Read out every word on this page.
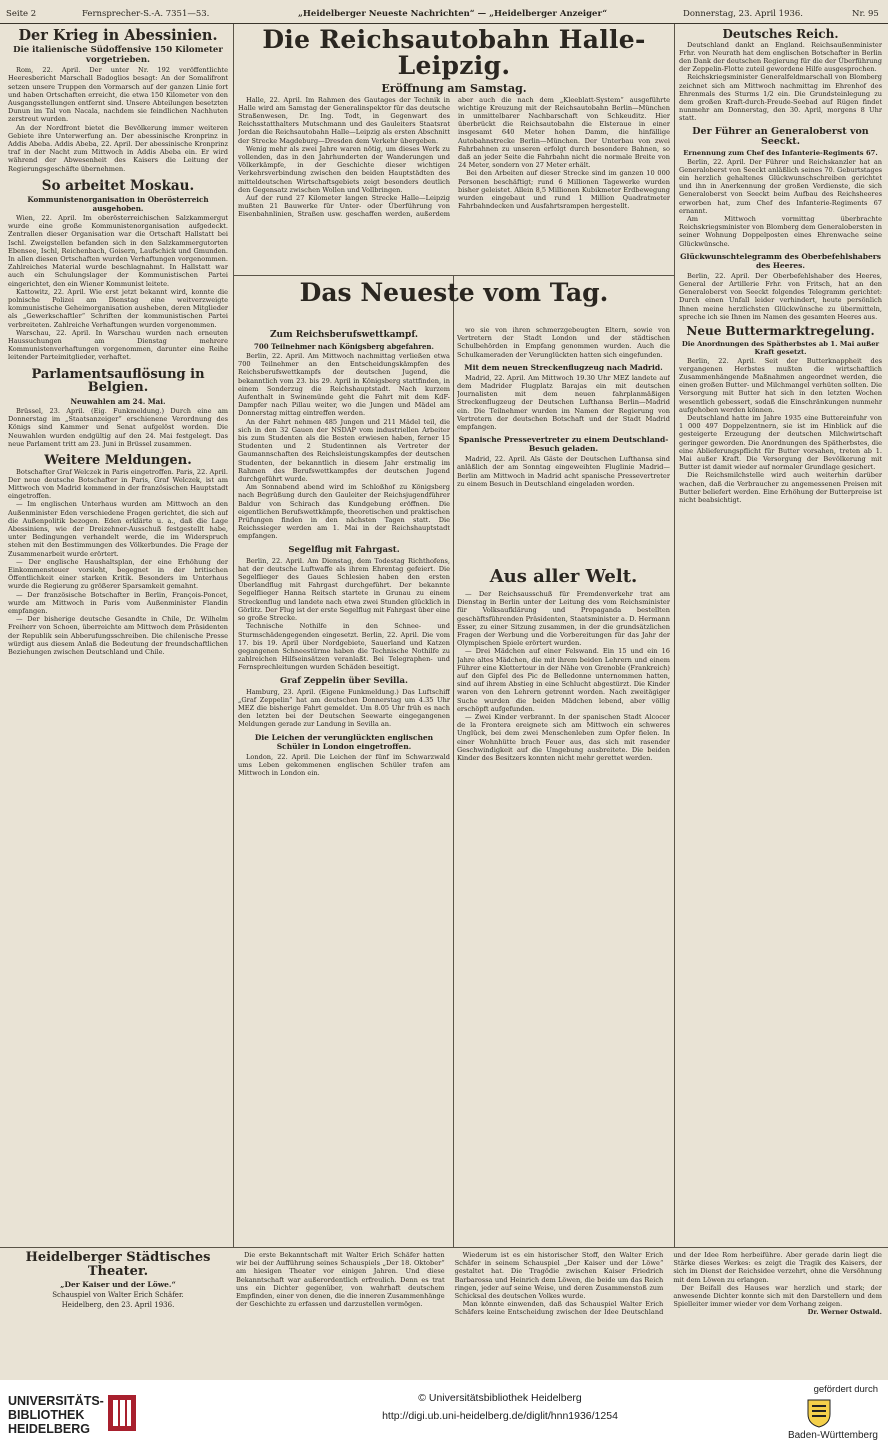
Seite 2	Fernsprecher-S.-A. 7351—53.	„Heidelberger Neueste Nachrichten“ — „Heidelberger Anzeiger“	Donnerstag, 23. April 1936.	Nr. 95
Der Krieg in Abessinien.
Die italienische Südoffensive 150 Kilometer vorgetrieben.

Rom, 22. April. Der unter Nr. 192 veröffentlichte Heeresbericht Marschall Badoglios besagt: An der Somalifront setzen unsere Truppen den Vormarsch auf der ganzen Linie fort und haben Ortschaften erreicht, die etwa 150 Kilometer von den Ausgangsstellungen entfernt sind. Unsere Abteilungen besetzten Dunun im Tal von Nacala, nachdem sie feindlichen Nachhuten zerstreut wurden.

An der Nordfront bietet die Bevölkerung immer weiteren Gebiete ihre Unterwerfung an. Der abessinische Kronprinz in Addis Abeba. Addis Abeba, 22. April. Der abessinische Kronprinz traf in der Nacht zum Mittwoch in Addis Abeba ein. Er wird während der Abwesenheit des Kaisers die Leitung der Regierungsgeschäfte übernehmen.

So arbeitet Moskau.
Kommunistenorganisation in Oberösterreich ausgehoben.

Wien, 22. April. Im oberösterreichischen Salzkammergut wurde eine große Kommunistenorganisation aufgedeckt. Zentrallen dieser Organisation war die Ortschaft Hallstatt bei Ischl. Zweigstellen befanden sich in den Salzkammergutorten Ebensee, Ischl, Reichenbach, Goisern, Laufschick und Gmunden. In allen diesen Ortschaften wurden Verhaftungen vorgenommen. Zahlreiches Material wurde beschlagnahmt. In Hallstatt war auch ein Schulungslager der Kommunistischen Partei eingerichtet, den ein Wiener Kommunist leitete.

Kattowitz, 22. April. Wie erst jetzt bekannt wird, konnte die polnische Polizei am Dienstag eine weitverzweigte kommunistische Geheimorganisation ausheben, deren Mitglieder als „Gewerkschaftler“ Schriften der kommunistischen Partei verbreiteten. Zahlreiche Verhaftungen wurden vorgenommen.

Warschau, 22. April. In Warschau wurden nach erneuten Haussuchungen am Dienstag mehrere Kommunistenverhaftungen vorgenommen, darunter eine Reihe leitender Parteimitglieder, verhaftet.

Parlamentsauflösung in Belgien.
Neuwahlen am 24. Mai.

Brüssel, 23. April. (Eig. Funkmeldung.) Durch eine am Donnerstag im „Staatsanzeiger“ erschienene Verordnung des Königs sind Kammer und Senat aufgelöst worden. Die Neuwahlen wurden endgültig auf den 24. Mai festgelegt. Das neue Parlament tritt am 23. Juni in Brüssel zusammen.

Weitere Meldungen.

Botschafter Graf Welczek in Paris eingetroffen. Paris, 22. April. Der neue deutsche Botschafter in Paris, Graf Welczek, ist am Mittwoch von Madrid kommend in der französischen Hauptstadt eingetroffen.

— Im englischen Unterhaus wurden am Mittwoch an den Außenminister Eden verschiedene Fragen gerichtet, die sich auf die Außenpolitik bezogen. Eden erklärte u. a., daß die Lage Abessiniens, wie der Dreizehner-Ausschuß festgestellt habe, unter Bedingungen verhandelt werde, die im Widerspruch stehen mit den Bestimmungen des Völkerbundes. Die Frage der Zusammenarbeit wurde erörtert.

— Der englische Haushaltsplan, der eine Erhöhung der Einkommensteuer vorsieht, begegnet in der britischen Öffentlichkeit einer starken Kritik. Besonders im Unterhaus wurde die Regierung zu größerer Sparsamkeit gemahnt.

— Der französische Botschafter in Berlin, François-Poncet, wurde am Mittwoch in Paris vom Außenminister Flandin empfangen.

— Der bisherige deutsche Gesandte in Chile, Dr. Wilhelm Freiherr von Schoen, überreichte am Mittwoch dem Präsidenten der Republik sein Abberufungsschreiben. Die chilenische Presse würdigt aus diesem Anlaß die Bedeutung der freundschaftlichen Beziehungen zwischen Deutschland und Chile.

Die Reichsautobahn Halle-Leipzig.
Eröffnung am Samstag.

Halle, 22. April. Im Rahmen des Gautages der Technik in Halle wird am Samstag der Generalinspektor für das deutsche Straßenwesen, Dr. Ing. Todt, in Gegenwart des Reichsstatthalters Mutschmann und des Gauleiters Staatsrat Jordan die Reichsautobahn Halle—Leipzig als ersten Abschnitt der Strecke Magdeburg—Dresden dem Verkehr übergeben.

Wenig mehr als zwei Jahre waren nötig, um dieses Werk zu vollenden, das in den Jahrhunderten der Wanderungen und Völkerkämpfe, in der Geschichte dieser wichtigen Verkehrsverbindung zwischen den beiden Hauptstädten des mitteldeutschen Wirtschaftsgebiets zeigt besonders deutlich den Gegensatz zwischen Wollen und Vollbringen.

Auf der rund 27 Kilometer langen Strecke Halle—Leipzig mußten 21 Bauwerke für Unter- oder Überführung von Eisenbahnlinien, Straßen usw. geschaffen werden, außerdem aber auch die nach dem „Kleeblatt-System“ ausgeführte wichtige Kreuzung mit der Reichsautobahn Berlin—München in unmittelbarer Nachbarschaft von Schkeuditz. Hier überbrückt die Reichsautobahn die Elsteraue in einer insgesamt 640 Meter hohen Damm, die hinfällige Autobahnstrecke Berlin—München. Der Unterbau von zwei Fahrbahnen zu unseren erfolgt durch besondere Bahnen, so daß an jeder Seite die Fahrbahn nicht die normale Breite von 24 Meter, sondern von 27 Meter erhält.

Bei den Arbeiten auf dieser Strecke sind im ganzen 10 000 Personen beschäftigt; rund 6 Millionen Tagewerke wurden bisher geleistet. Allein 8,5 Millionen Kubikmeter Erdbewegung wurden eingebaut und rund 1 Million Quadratmeter Fahrbahndecken und Ausfahrtsrampen hergestellt.

Das Neueste vom Tag.
Zum Reichsberufswettkampf.
700 Teilnehmer nach Königsberg abgefahren.

Berlin, 22. April. Am Mittwoch nachmittag verließen etwa 700 Teilnehmer an den Entscheidungskämpfen des Reichsberufswettkampfs der deutschen Jugend, die bekanntlich vom 23. bis 29. April in Königsberg stattfinden, in einem Sonderzug die Reichshauptstadt. Nach kurzem Aufenthalt in Swinemünde geht die Fahrt mit dem KdF-Dampfer nach Pillau weiter, wo die Jungen und Mädel am Donnerstag mittag eintreffen werden.

An der Fahrt nehmen 485 Jungen und 211 Mädel teil, die sich in den 32 Gauen der NSDAP vom industriellen Arbeiter bis zum Studenten als die Besten erwiesen haben, ferner 15 Studenten und 2 Studentinnen als Vertreter der Gaumannschaften des Reichsleistungskampfes der deutschen Studenten, der bekanntlich in diesem Jahr erstmalig im Rahmen des Berufswettkampfes der deutschen Jugend durchgeführt wurde.

Am Sonnabend abend wird im Schloßhof zu Königsberg nach Begrüßung durch den Gauleiter der Reichsjugendführer Baldur von Schirach das Kundgebung eröffnen. Die eigentlichen Berufswettkämpfe, theoretischen und praktischen Prüfungen finden in den nächsten Tagen statt. Die Reichssieger werden am 1. Mai in der Reichshauptstadt empfangen.

Segelflug mit Fahrgast.

Berlin, 22. April. Am Dienstag, dem Todestag Richthofens, hat der deutsche Luftwaffe als ihrem Ehrentag gefeiert. Die Segelflieger des Gaues Schlesien haben den ersten Überlandflug mit Fahrgast durchgeführt. Der bekannte Segelflieger Hanna Reitsch startete in Grunau zu einem Streckenflug und landete nach etwa zwei Stunden glücklich in Görlitz. Der Flug ist der erste Segelflug mit Fahrgast über eine so große Strecke.

Technische Nothilfe in den Schnee- und Sturmschädengegenden eingesetzt. Berlin, 22. April. Die vom 17. bis 19. April über Nordgebiete, Sauerland und Katzen gegangenen Schneestürme haben die Technische Nothilfe zu zahlreichen Hilfseinsätzen veranlaßt. Bei Telegraphen- und Fernsprechleitungen wurden Schäden beseitigt.

Graf Zeppelin über Sevilla.

Hamburg, 23. April. (Eigene Funkmeldung.) Das Luftschiff „Graf Zeppelin“ hat am deutschen Donnerstag um 4.35 Uhr MEZ die bisherige Fahrt gemeldet. Um 8.05 Uhr früh es nach den letzten bei der Deutschen Seewarte eingegangenen Meldungen gerade zur Landung in Sevilla an.

Die Leichen der verunglückten englischen Schüler in London eingetroffen.

London, 22. April. Die Leichen der fünf im Schwarzwald ums Leben gekommenen englischen Schüler trafen am Mittwoch in London ein.

wo sie von ihren schmerzgebeugten Eltern, sowie von Vertretern der Stadt London und der städtischen Schulbehörden in Empfang genommen wurden. Auch die Schulkameraden der Verunglückten hatten sich eingefunden.

Mit dem neuen Streckenflugzeug nach Madrid.

Madrid, 22. April. Am Mittwoch 19.30 Uhr MEZ landete auf dem Madrider Flugplatz Barajas ein mit deutschen Journalisten mit dem neuen fahrplanmäßigen Streckenflugzeug der Deutschen Lufthansa Berlin—Madrid ein. Die Teilnehmer wurden im Namen der Regierung von Vertretern der deutschen Botschaft und der Stadt Madrid empfangen.

Spanische Pressevertreter zu einem Deutschland-Besuch geladen.

Madrid, 22. April. Als Gäste der Deutschen Lufthansa sind anläßlich der am Sonntag eingeweihten Fluglinie Madrid—Berlin am Mittwoch in Madrid acht spanische Pressevertreter zu einem Besuch in Deutschland eingeladen worden.

Aus aller Welt.

— Der Reichsausschuß für Fremdenverkehr trat am Dienstag in Berlin unter der Leitung des vom Reichsminister für Volksaufklärung und Propaganda bestellten geschäftsführenden Präsidenten, Staatsminister a. D. Hermann Esser, zu einer Sitzung zusammen, in der die grundsätzlichen Fragen der Werbung und die Vorbereitungen für das Jahr der Olympischen Spiele erörtert wurden.

— Drei Mädchen auf einer Felswand. Ein 15 und ein 16 Jahre altes Mädchen, die mit ihrem beiden Lehrern und einem Führer eine Klettertour in der Nähe von Grenoble (Frankreich) auf den Gipfel des Pic de Belledonne unternommen hatten, sind auf ihrem Abstieg in eine Schlucht abgestürzt. Die Kinder waren von den Lehrern getrennt worden. Nach zweitägiger Suche wurden die beiden Mädchen lebend, aber völlig erschöpft aufgefunden.

— Zwei Kinder verbrannt. In der spanischen Stadt Alcocer de la Frontera ereignete sich am Mittwoch ein schweres Unglück, bei dem zwei Menschenleben zum Opfer fielen. In einer Wohnhütte brach Feuer aus, das sich mit rasender Geschwindigkeit auf die Umgebung ausbreitete. Die beiden Kinder des Besitzers konnten nicht mehr gerettet werden.

Deutsches Reich.

Deutschland dankt an England. Reichsaußenminister Frhr. von Neurath hat dem englischen Botschafter in Berlin den Dank der deutschen Regierung für die der Überführung der Zeppelin-Flotte zuteil gewordene Hilfe ausgesprochen.

Reichskriegsminister Generalfeldmarschall von Blomberg zeichnet sich am Mittwoch nachmittag im Ehrenhof des Ehrenmals des Sturms 1/2 ein. Die Grundsteinlegung zu dem großen Kraft-durch-Freude-Seebad auf Rügen findet nunmehr am Donnerstag, den 30. April, morgens 8 Uhr statt.

Der Führer an Generaloberst von Seeckt.
Ernennung zum Chef des Infanterie-Regiments 67.

Berlin, 22. April. Der Führer und Reichskanzler hat an Generaloberst von Seeckt anläßlich seines 70. Geburtstages ein herzlich gehaltenes Glückwunschschreiben gerichtet und ihn in Anerkennung der großen Verdienste, die sich Generaloberst von Seeckt beim Aufbau des Reichsheeres erworben hat, zum Chef des Infanterie-Regiments 67 ernannt.

Am Mittwoch vormittag überbrachte Reichskriegsminister von Blomberg dem Generalobersten in seiner Wohnung Doppelposten eines Ehrenwache seine Glückwünsche.

Glückwunschtelegramm des Oberbefehlshabers des Heeres.

Berlin, 22. April. Der Oberbefehlshaber des Heeres, General der Artillerie Frhr. von Fritsch, hat an den Generaloberst von Seeckt folgendes Telegramm gerichtet: Durch einen Unfall leider verhindert, heute persönlich Ihnen meine herzlichsten Glückwünsche zu übermitteln, spreche ich sie Ihnen im Namen des gesamten Heeres aus.

Neue Buttermarktregelung.
Die Anordnungen des Spätherbstes ab 1. Mai außer Kraft gesetzt.

Berlin, 22. April. Seit der Butterknappheit des vergangenen Herbstes mußten die wirtschaftlich Zusammenhängende Maßnahmen angeordnet werden, die einen großen Butter- und Milchmangel verhüten sollten. Die Versorgung mit Butter hat sich in den letzten Wochen wesentlich gebessert, sodaß die Einschränkungen nunmehr aufgehoben werden können.

Deutschland hatte im Jahre 1935 eine Buttereinfuhr von 1 000 497 Doppelzentnern, sie ist im Hinblick auf die gesteigerte Erzeugung der deutschen Milchwirtschaft geringer geworden. Die Anordnungen des Spätherbstes, die eine Ablieferungspflicht für Butter vorsahen, treten ab 1. Mai außer Kraft. Die Versorgung der Bevölkerung mit Butter ist damit wieder auf normaler Grundlage gesichert.

Die Reichsmilchstelle wird auch weiterhin darüber wachen, daß die Verbraucher zu angemessenen Preisen mit Butter beliefert werden. Eine Erhöhung der Butterpreise ist nicht beabsichtigt.

Heidelberger Städtisches Theater.
„Der Kaiser und der Löwe.“
Schauspiel von Walter Erich Schäfer.
Heidelberg, den 23. April 1936.

Die erste Bekanntschaft mit Walter Erich Schäfer hatten wir bei der Aufführung seines Schauspiels „Der 18. Oktober“ am hiesigen Theater vor einigen Jahren. Und diese Bekanntschaft war außerordentlich erfreulich. Denn es trat uns ein Dichter gegenüber, von wahrhaft deutschem Empfinden, einer von denen, die die inneren Zusammenhänge der Geschichte zu erfassen und darzustellen vermögen.

Wiederum ist es ein historischer Stoff, den Walter Erich Schäfer in seinem Schauspiel „Der Kaiser und der Löwe“ gestaltet hat. Die Tragödie zwischen Kaiser Friedrich Barbarossa und Heinrich dem Löwen, die beide um das Reich ringen, jeder auf seine Weise, und deren Zusammenstoß zum Schicksal des deutschen Volkes wurde.

Man könnte einwenden, daß das Schauspiel Walter Erich Schäfers keine Entscheidung zwischen der Idee Deutschland und der Idee Rom herbeiführe. Aber gerade darin liegt die Stärke dieses Werkes: es zeigt die Tragik des Kaisers, der sich im Dienst der Reichsidee verzehrt, ohne die Versöhnung mit dem Löwen zu erlangen.

Der Beifall des Hauses war herzlich und stark; der anwesende Dichter konnte sich mit den Darstellern und dem Spielleiter immer wieder vor dem Vorhang zeigen.

Dr. Werner Ostwald.

UNIVERSITÄTS-
BIBLIOTHEK
HEIDELBERG
© Universitätsbibliothek Heidelberg
http://digi.ub.uni-heidelberg.de/diglit/hnn1936/1254
gefördert durch
Baden-Württemberg
